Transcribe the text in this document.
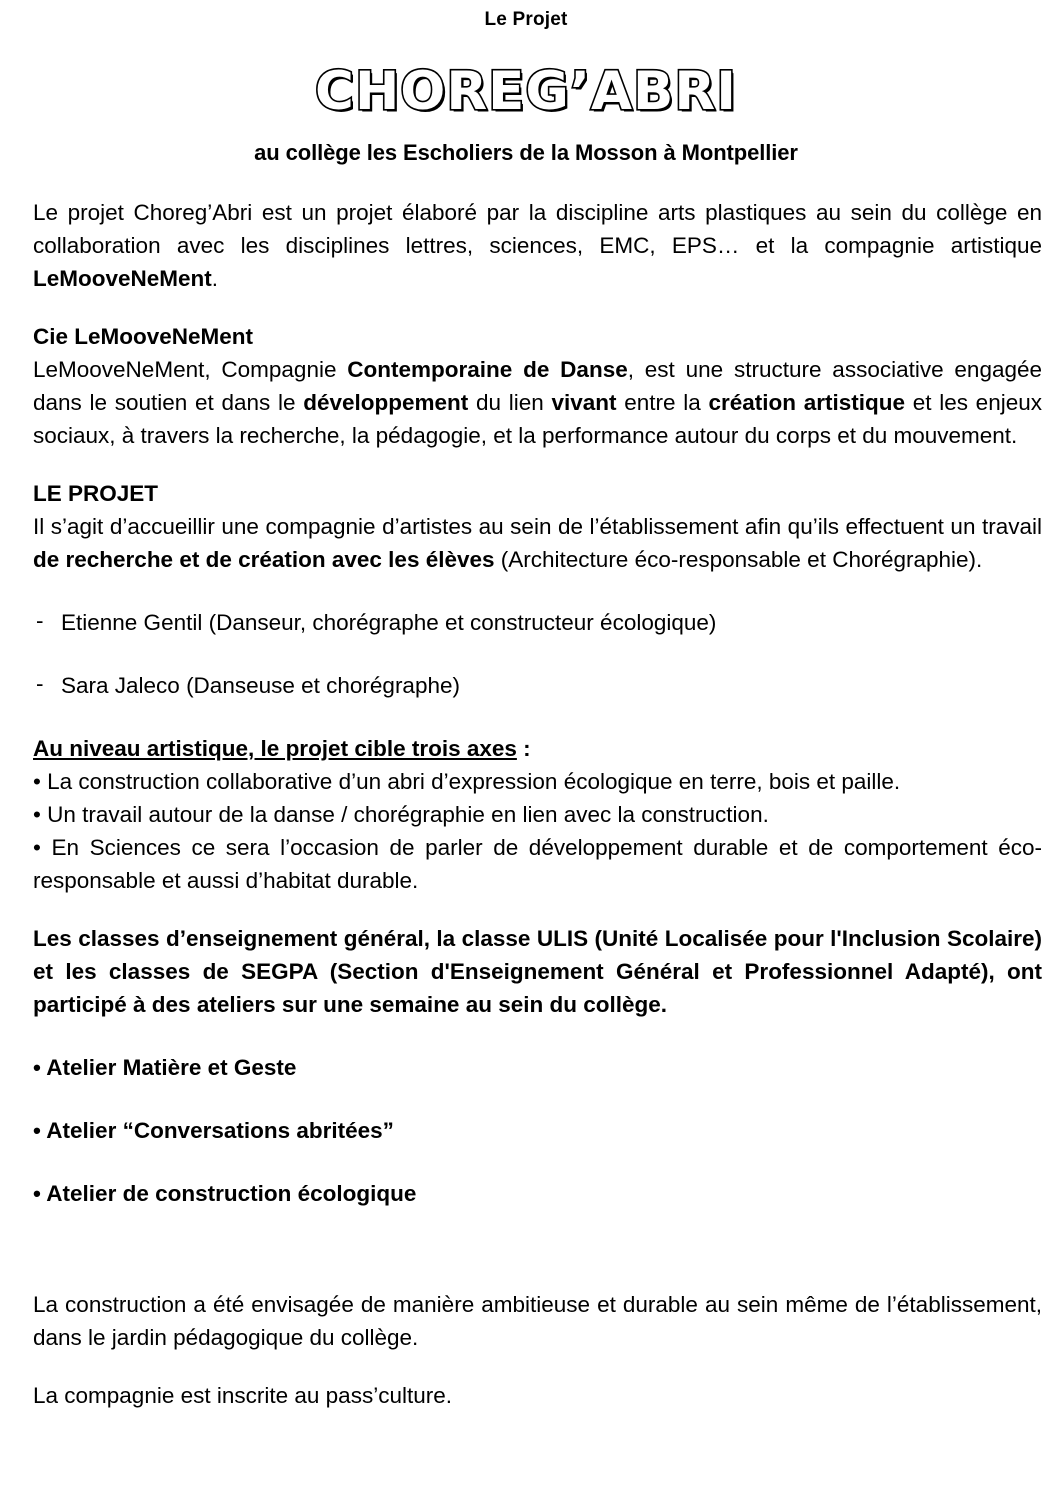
Le Projet
CHOREG’ABRI
au collège les Escholiers de la Mosson à Montpellier

Le projet Choreg’Abri est un projet élaboré par la discipline arts plastiques au sein du collège en collaboration avec les disciplines lettres, sciences, EMC, EPS… et la compagnie artistique LeMooveNeMent.

Cie LeMooveNeMent

LeMooveNeMent, Compagnie Contemporaine de Danse, est une structure associative engagée dans le soutien et dans le développement du lien vivant entre la création artistique et les enjeux sociaux, à travers la recherche, la pédagogie, et la performance autour du corps et du mouvement.

LE PROJET

Il s’agit d’accueillir une compagnie d’artistes au sein de l’établissement afin qu’ils effectuent un travail de recherche et de création avec les élèves (Architecture éco-responsable et Chorégraphie).

- Etienne Gentil (Danseur, chorégraphe et constructeur écologique)

- Sara Jaleco (Danseuse et chorégraphe)

Au niveau artistique, le projet cible trois axes :

• La construction collaborative d’un abri d’expression écologique en terre, bois et paille.

• Un travail autour de la danse / chorégraphie en lien avec la construction.

• En Sciences ce sera l’occasion de parler de développement durable et de comportement éco-responsable et aussi d’habitat durable.

Les classes d’enseignement général, la classe ULIS (Unité Localisée pour l'Inclusion Scolaire) et les classes de SEGPA (Section d'Enseignement Général et Professionnel Adapté), ont participé à des ateliers sur une semaine au sein du collège.

• Atelier Matière et Geste

• Atelier “Conversations abritées”

• Atelier de construction écologique

La construction a été envisagée de manière ambitieuse et durable au sein même de l’établissement, dans le jardin pédagogique du collège.

La compagnie est inscrite au pass’culture.
